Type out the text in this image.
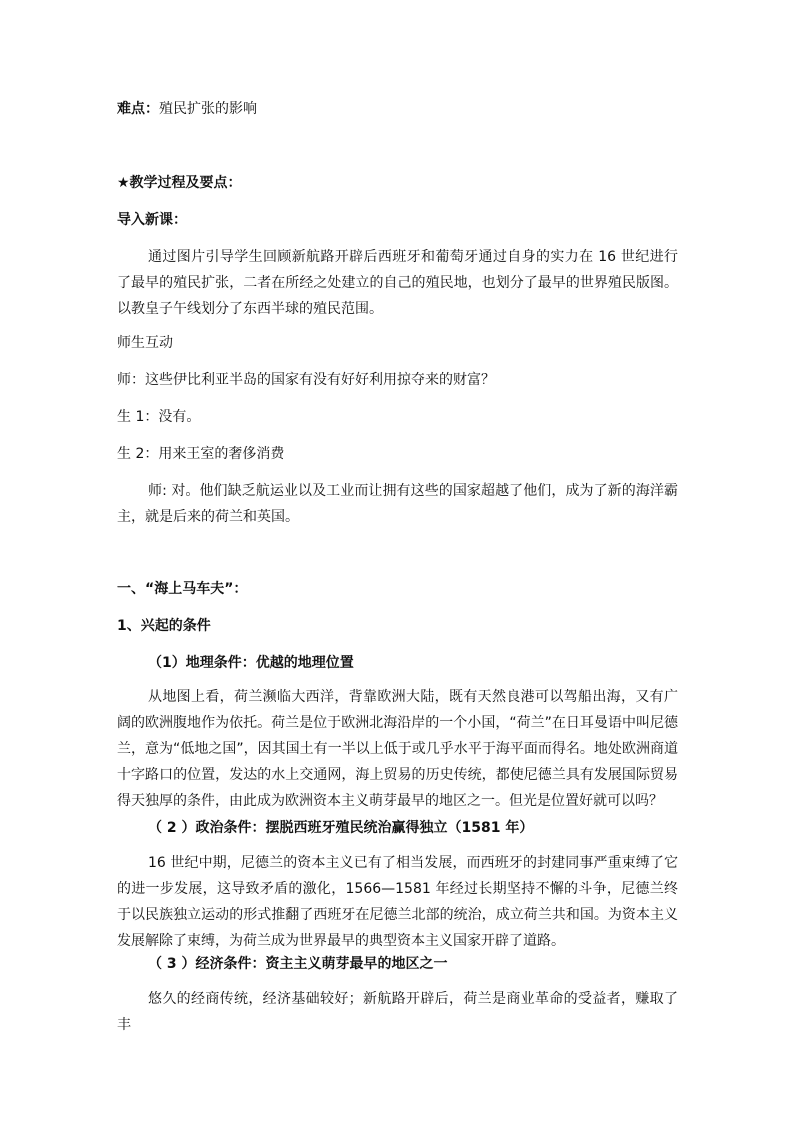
难点：殖民扩张的影响
★教学过程及要点：
导入新课：
通过图片引导学生回顾新航路开辟后西班牙和葡萄牙通过自身的实力在 16 世纪进行了最早的殖民扩张，二者在所经之处建立的自己的殖民地，也划分了最早的世界殖民版图。以教皇子午线划分了东西半球的殖民范围。
师生互动
师：这些伊比利亚半岛的国家有没有好好利用掠夺来的财富？
生 1：没有。
生 2：用来王室的奢侈消费
师: 对。他们缺乏航运业以及工业而让拥有这些的国家超越了他们，成为了新的海洋霸主，就是后来的荷兰和英国。
一、“海上马车夫”：
1、兴起的条件
（1）地理条件：优越的地理位置
从地图上看，荷兰濒临大西洋，背靠欧洲大陆，既有天然良港可以驾船出海，又有广阔的欧洲腹地作为依托。荷兰是位于欧洲北海沿岸的一个小国，“荷兰”在日耳曼语中叫尼德兰，意为“低地之国”，因其国土有一半以上低于或几乎水平于海平面而得名。地处欧洲商道十字路口的位置，发达的水上交通网，海上贸易的历史传统，都使尼德兰具有发展国际贸易得天独厚的条件，由此成为欧洲资本主义萌芽最早的地区之一。但光是位置好就可以吗？
（ 2 ）政治条件：摆脱西班牙殖民统治赢得独立（1581 年）
16 世纪中期，尼德兰的资本主义已有了相当发展，而西班牙的封建同事严重束缚了它的进一步发展，这导致矛盾的激化，1566—1581 年经过长期坚持不懈的斗争，尼德兰终于以民族独立运动的形式推翻了西班牙在尼德兰北部的统治，成立荷兰共和国。为资本主义发展解除了束缚，为荷兰成为世界最早的典型资本主义国家开辟了道路。
（ 3 ）经济条件：资主主义萌芽最早的地区之一
悠久的经商传统，经济基础较好；新航路开辟后，荷兰是商业革命的受益者，赚取了丰
